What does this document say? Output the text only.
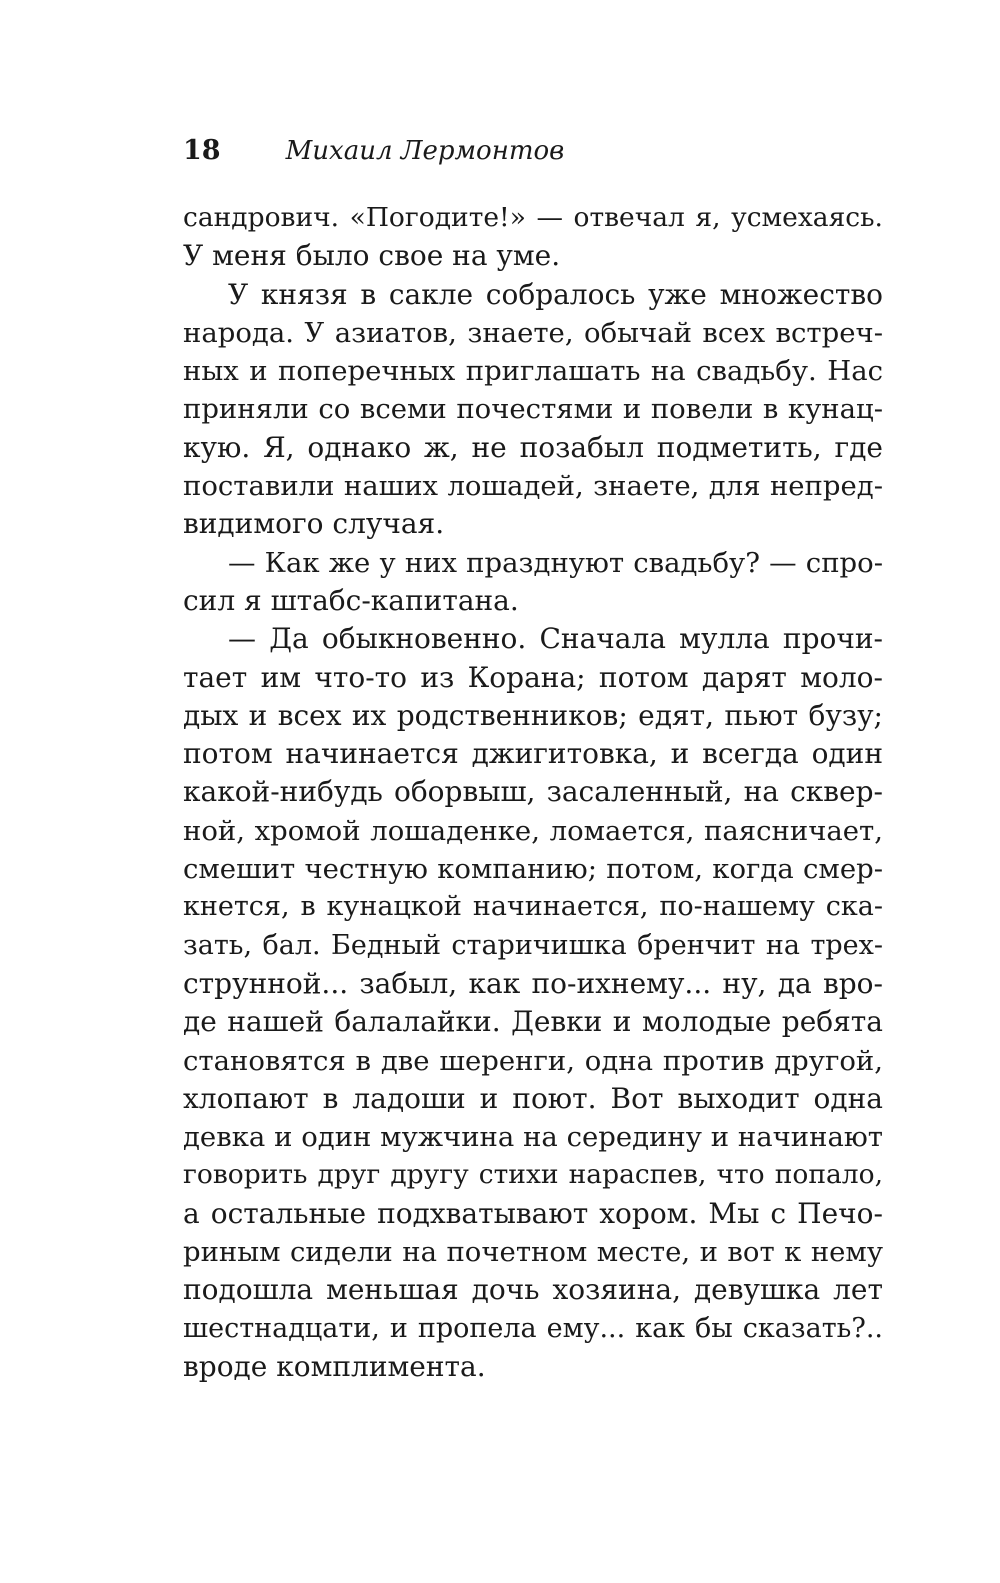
18	Михаил Лермонтов
сандрович. «Погодите!» — отвечал я, усмехаясь.
У меня было свое на уме.
У князя в сакле собралось уже множество
народа. У азиатов, знаете, обычай всех встреч-
ных и поперечных приглашать на свадьбу. Нас
приняли со всеми почестями и повели в кунац-
кую. Я, однако ж, не позабыл подметить, где
поставили наших лошадей, знаете, для непред-
видимого случая.
— Как же у них празднуют свадьбу? — спро-
сил я штабс-капитана.
— Да обыкновенно. Сначала мулла прочи-
тает им что-то из Корана; потом дарят моло-
дых и всех их родственников; едят, пьют бузу;
потом начинается джигитовка, и всегда один
какой-нибудь оборвыш, засаленный, на сквер-
ной, хромой лошаденке, ломается, паясничает,
смешит честную компанию; потом, когда смер-
кнется, в кунацкой начинается, по-нашему ска-
зать, бал. Бедный старичишка бренчит на трех-
струнной... забыл, как по-ихнему... ну, да вро-
де нашей балалайки. Девки и молодые ребята
становятся в две шеренги, одна против другой,
хлопают в ладоши и поют. Вот выходит одна
девка и один мужчина на середину и начинают
говорить друг другу стихи нараспев, что попало,
а остальные подхватывают хором. Мы с Печо-
риным сидели на почетном месте, и вот к нему
подошла меньшая дочь хозяина, девушка лет
шестнадцати, и пропела ему... как бы сказать?..
вроде комплимента.
